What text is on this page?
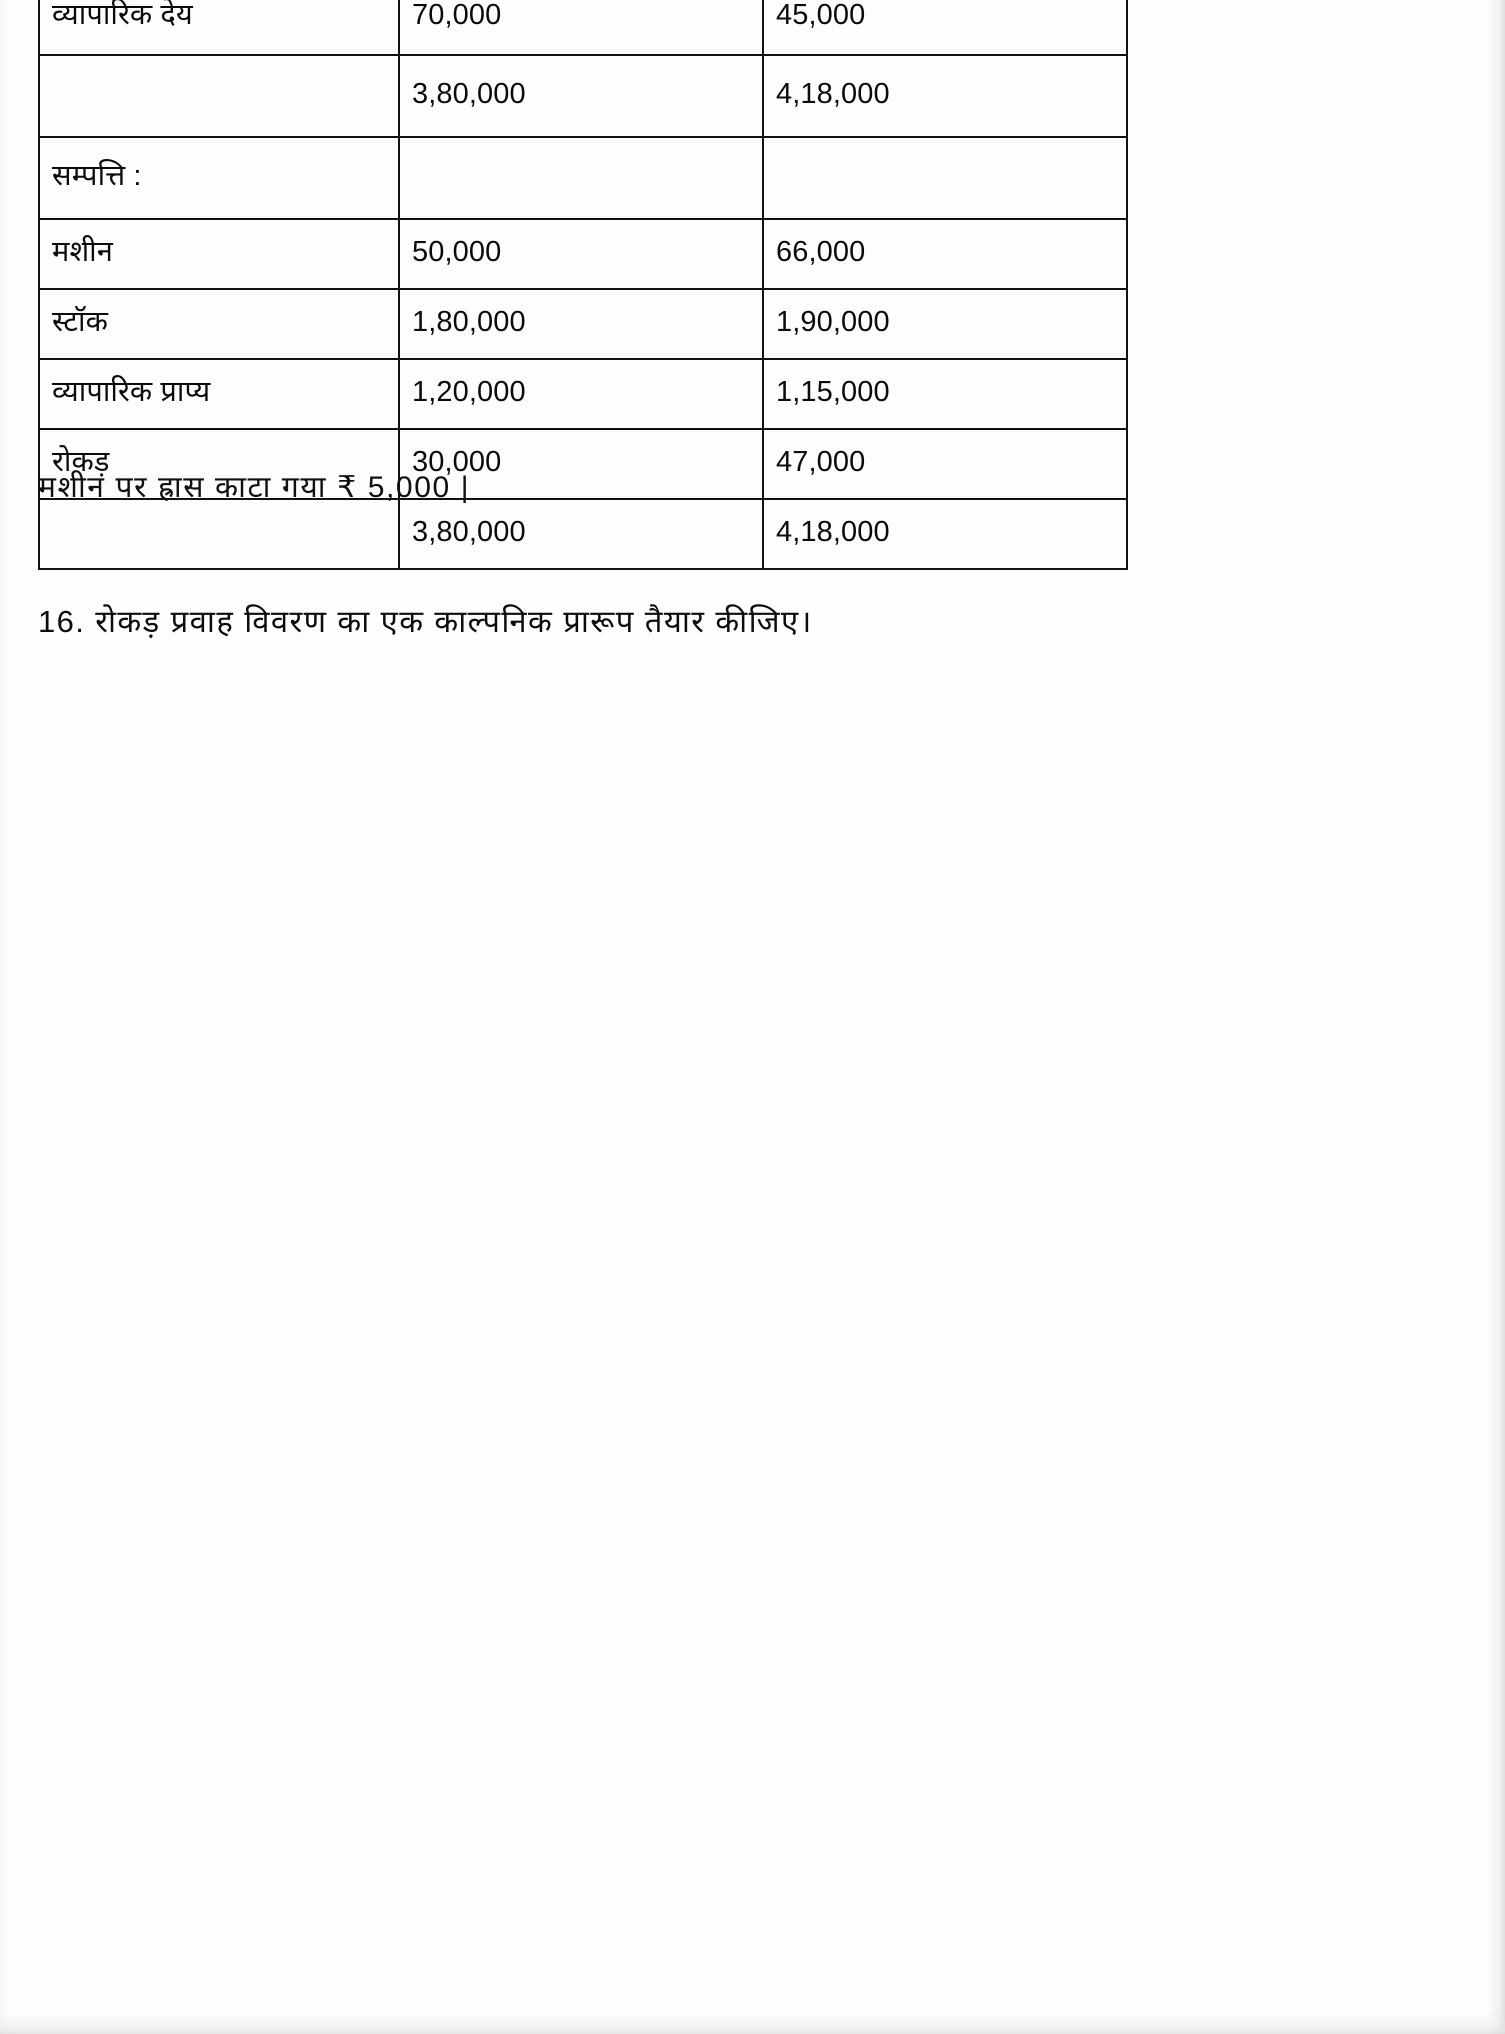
व्यापारिक देय	70,000	45,000
	3,80,000	4,18,000
सम्पत्ति :		
मशीन	50,000	66,000
स्टॉक	1,80,000	1,90,000
व्यापारिक प्राप्य	1,20,000	1,15,000
रोकड़	30,000	47,000
	3,80,000	4,18,000
मशीन पर ह्रास काटा गया ₹ 5,000 |
16. रोकड़ प्रवाह विवरण का एक काल्पनिक प्रारूप तैयार कीजिए।
